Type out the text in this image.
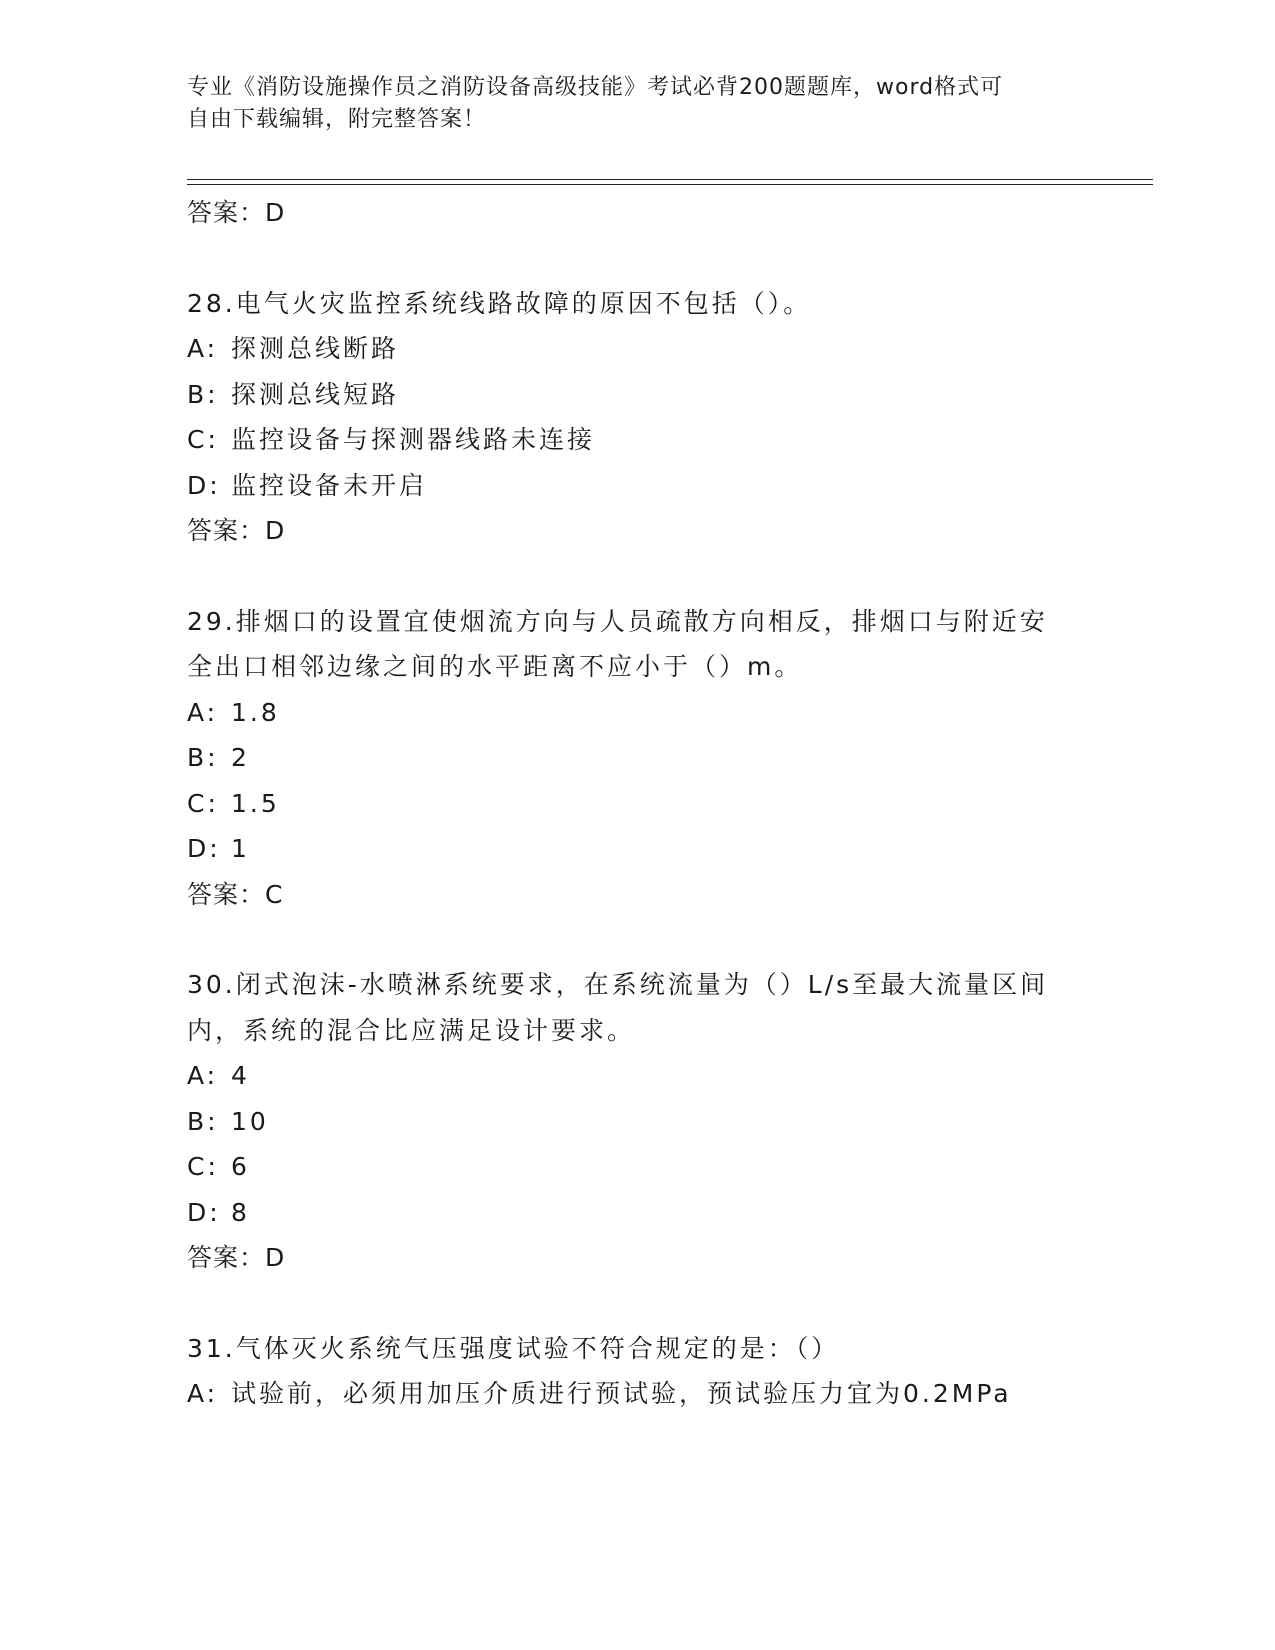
专业《消防设施操作员之消防设备高级技能》考试必背200题题库，word格式可
自由下载编辑，附完整答案！
答案：D
28.电气火灾监控系统线路故障的原因不包括（）。
A: 探测总线断路
B: 探测总线短路
C: 监控设备与探测器线路未连接
D: 监控设备未开启
答案：D
29.排烟口的设置宜使烟流方向与人员疏散方向相反，排烟口与附近安
全出口相邻边缘之间的水平距离不应小于（）m。
A: 1.8
B: 2
C: 1.5
D: 1
答案：C
30.闭式泡沫-水喷淋系统要求，在系统流量为（）L/s至最大流量区间
内，系统的混合比应满足设计要求。
A: 4
B: 10
C: 6
D: 8
答案：D
31.气体灭火系统气压强度试验不符合规定的是：（）
A: 试验前，必须用加压介质进行预试验，预试验压力宜为0.2MPa
